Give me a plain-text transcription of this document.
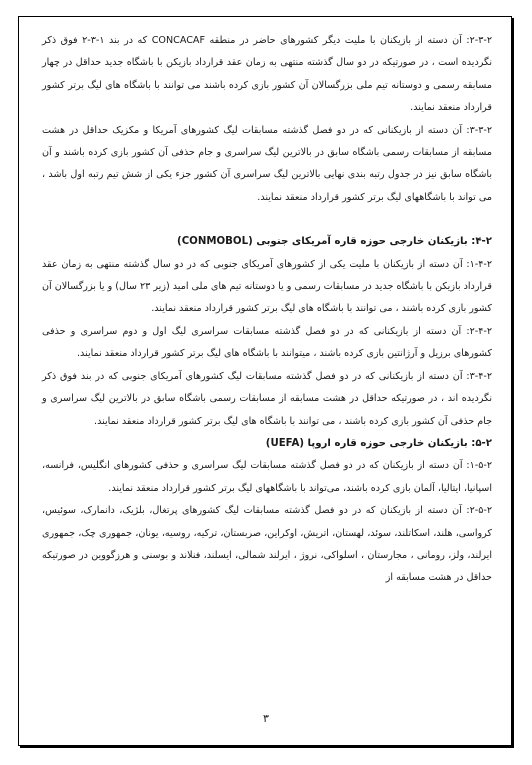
۲-۳-۲: آن دسته از بازیکنان با ملیت دیگر کشورهای حاضر در منطقه CONCACAF که در بند ۱-۳-۲ فوق ذکر نگردیده است ، در صورتیکه در دو سال گذشته منتهی به زمان عقد قرارداد بازیکن با باشگاه جدید حداقل در چهار مسابقه رسمی و دوستانه تیم ملی بزرگسالان آن کشور بازی کرده باشند می توانند با باشگاه های لیگ برتر کشور قرارداد منعقد نمایند.

۳-۳-۲: آن دسته از بازیکنانی که در دو فصل گذشته مسابقات لیگ کشورهای آمریکا و مکزیک حداقل در هشت مسابقه از مسابقات رسمی باشگاه سابق در بالاترین لیگ سراسری و جام حذفی آن کشور بازی کرده باشند و آن باشگاه سابق نیز در جدول رتبه بندی نهایی بالاترین لیگ سراسری آن کشور جزء یکی از شش تیم رتبه اول باشد ، می تواند با باشگاههای لیگ برتر کشور قرارداد منعقد نمایند.

۴-۲: بازیکنان خارجی حوزه قاره آمریکای جنوبی (CONMOBOL)

۱-۴-۲: آن دسته از بازیکنان با ملیت یکی از کشورهای آمریکای جنوبی که در دو سال گذشته منتهی به زمان عقد قرارداد بازیکن با باشگاه جدید در مسابقات رسمی و یا دوستانه تیم های ملی امید (زیر ۲۳ سال) و یا بزرگسالان آن کشور بازی کرده باشند ، می توانند با باشگاه های لیگ برتر کشور قرارداد منعقد نمایند.

۲-۴-۲: آن دسته از بازیکنانی که در دو فصل گذشته مسابقات سراسری لیگ اول و دوم سراسری و حذفی کشورهای برزیل و آرژانتین بازی کرده باشند ، میتوانند با باشگاه های لیگ برتر کشور قرارداد منعقد نمایند.

۳-۴-۲: آن دسته از بازیکنانی که در دو فصل گذشته مسابقات لیگ کشورهای آمریکای جنوبی که در بند فوق ذکر نگردیده اند ، در صورتیکه حداقل در هشت مسابقه از مسابقات رسمی باشگاه سابق در بالاترین لیگ سراسری و جام حذفی آن کشور بازی کرده باشند ، می توانند با باشگاه های لیگ برتر کشور قرارداد منعقد نمایند.

۵-۲: بازیکنان خارجی حوزه قاره اروپا (UEFA)

۱-۵-۲: آن دسته از بازیکنان که در دو فصل گذشته مسابقات لیگ سراسری و حذفی کشورهای انگلیس، فرانسه، اسپانیا، ایتالیا، آلمان بازی کرده باشند، می‌تواند با باشگاههای لیگ برتر کشور قرارداد منعقد نمایند.

۲-۵-۲: آن دسته از بازیکنان که در دو فصل گذشته مسابقات لیگ کشورهای پرتغال، بلژیک، دانمارک، سوئیس، کرواسی، هلند، اسکاتلند، سوئد، لهستان، اتریش، اوکراین، صربستان، ترکیه، روسیه، یونان، جمهوری چک، جمهوری ایرلند، ولز، رومانی ، مجارستان ، اسلواکی، نروژ ، ایرلند شمالی، ایسلند، فنلاند و بوسنی و هرزگووین در صورتیکه حداقل در هشت مسابقه از

۳
